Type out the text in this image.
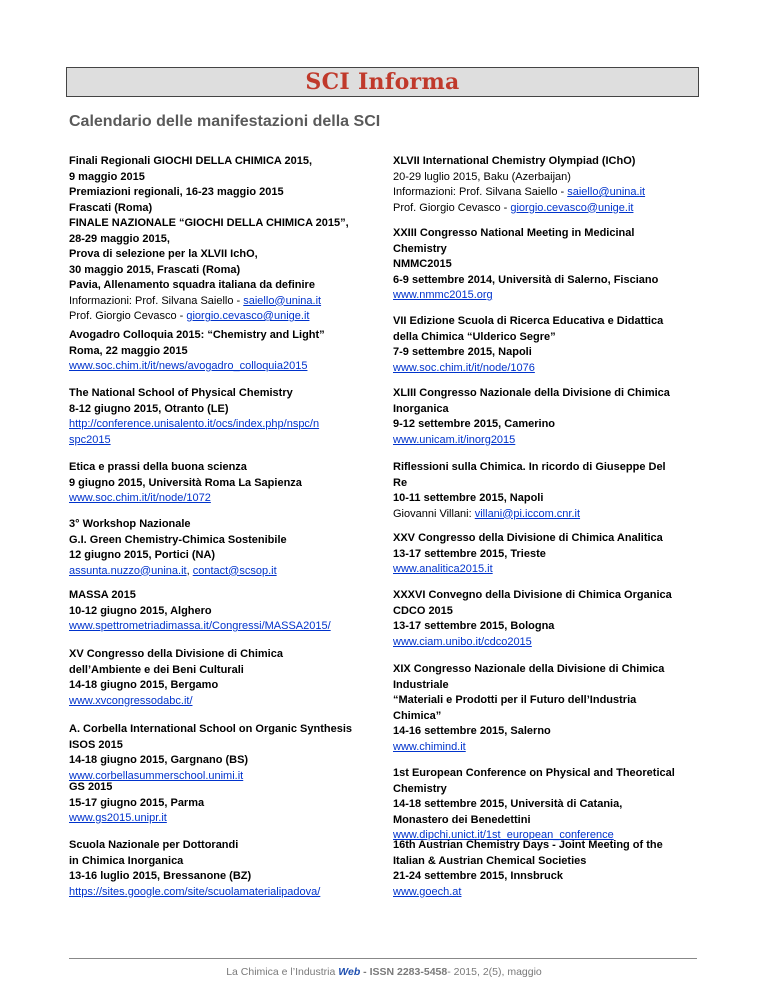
SCI Informa
Calendario delle manifestazioni della SCI
Finali Regionali GIOCHI DELLA CHIMICA 2015,
9 maggio 2015
Premiazioni regionali, 16-23 maggio 2015
Frascati (Roma)
FINALE NAZIONALE “GIOCHI DELLA CHIMICA 2015”,
28-29 maggio 2015,
Prova di selezione per la XLVII IchO,
30 maggio 2015, Frascati (Roma)
Pavia, Allenamento squadra italiana da definire
Informazioni: Prof. Silvana Saiello - saiello@unina.it
Prof. Giorgio Cevasco - giorgio.cevasco@unige.it
Avogadro Colloquia 2015: “Chemistry and Light”
Roma, 22 maggio 2015
www.soc.chim.it/it/news/avogadro_colloquia2015
The National School of Physical Chemistry
8-12 giugno 2015, Otranto (LE)
http://conference.unisalento.it/ocs/index.php/nspc/n
spc2015
Etica e prassi della buona scienza
9 giugno 2015, Università Roma La Sapienza
www.soc.chim.it/it/node/1072
3° Workshop Nazionale
G.I. Green Chemistry-Chimica Sostenibile
12 giugno 2015, Portici (NA)
assunta.nuzzo@unina.it, contact@scsop.it
MASSA 2015
10-12 giugno 2015, Alghero
www.spettrometriadimassa.it/Congressi/MASSA2015/
XV Congresso della Divisione di Chimica
dell’Ambiente e dei Beni Culturali
14-18 giugno 2015, Bergamo
www.xvcongressodabc.it/
A. Corbella International School on Organic Synthesis
ISOS 2015
14-18 giugno 2015, Gargnano (BS)
www.corbellasummerschool.unimi.it
GS 2015
15-17 giugno 2015, Parma
www.gs2015.unipr.it
Scuola Nazionale per Dottorandi
in Chimica Inorganica
13-16 luglio 2015, Bressanone (BZ)
https://sites.google.com/site/scuolamaterialipadova/
XLVII International Chemistry Olympiad (IChO)
20-29 luglio 2015, Baku (Azerbaijan)
Informazioni: Prof. Silvana Saiello - saiello@unina.it
Prof. Giorgio Cevasco - giorgio.cevasco@unige.it
XXIII Congresso National Meeting in Medicinal
Chemistry
NMMC2015
6-9 settembre 2014, Università di Salerno, Fisciano
www.nmmc2015.org
VII Edizione Scuola di Ricerca Educativa e Didattica
della Chimica “Ulderico Segre”
7-9 settembre 2015, Napoli
www.soc.chim.it/it/node/1076
XLIII Congresso Nazionale della Divisione di Chimica
Inorganica
9-12 settembre 2015, Camerino
www.unicam.it/inorg2015
Riflessioni sulla Chimica. In ricordo di Giuseppe Del
Re
10-11 settembre 2015, Napoli
Giovanni Villani: villani@pi.iccom.cnr.it
XXV Congresso della Divisione di Chimica Analitica
13-17 settembre 2015, Trieste
www.analitica2015.it
XXXVI Convegno della Divisione di Chimica Organica
CDCO 2015
13-17 settembre 2015, Bologna
www.ciam.unibo.it/cdco2015
XIX Congresso Nazionale della Divisione di Chimica
Industriale
“Materiali e Prodotti per il Futuro dell’Industria
Chimica”
14-16 settembre 2015, Salerno
www.chimind.it
1st European Conference on Physical and Theoretical
Chemistry
14-18 settembre 2015, Università di Catania,
Monastero dei Benedettini
www.dipchi.unict.it/1st_european_conference
16th Austrian Chemistry Days - Joint Meeting of the
Italian & Austrian Chemical Societies
21-24 settembre 2015, Innsbruck
www.goech.at
La Chimica e l’Industria Web - ISSN 2283-5458- 2015, 2(5), maggio
